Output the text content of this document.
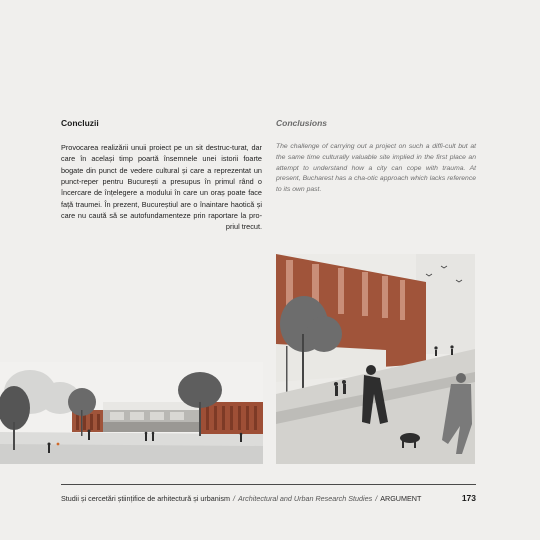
Concluzii

Provocarea realizării unuii proiect pe un sit destruc-turat, dar care în același timp poartă însemnele unei istorii foarte bogate din punct de vedere cultural și care a reprezentat un punct-reper pentru București a presupus în primul rând o încercare de înțelegere a modului în care un oraș poate face față traumei. În prezent, Bucureștiul are o înaintare haotică și care nu caută să se autofundamenteze prin raportare la pro-priul trecut.

Conclusions

The challenge of carrying out a project on such a diffi-cult but at the same time culturally valuable site implied in the first place an attempt to understand how a city can cope with trauma. At present, Bucharest has a cha-otic approach which lacks reference to its own past.

Studii și cercetări științifice de arhitectură și urbanism / Architectural and Urban Research Studies / ARGUMENT	173
